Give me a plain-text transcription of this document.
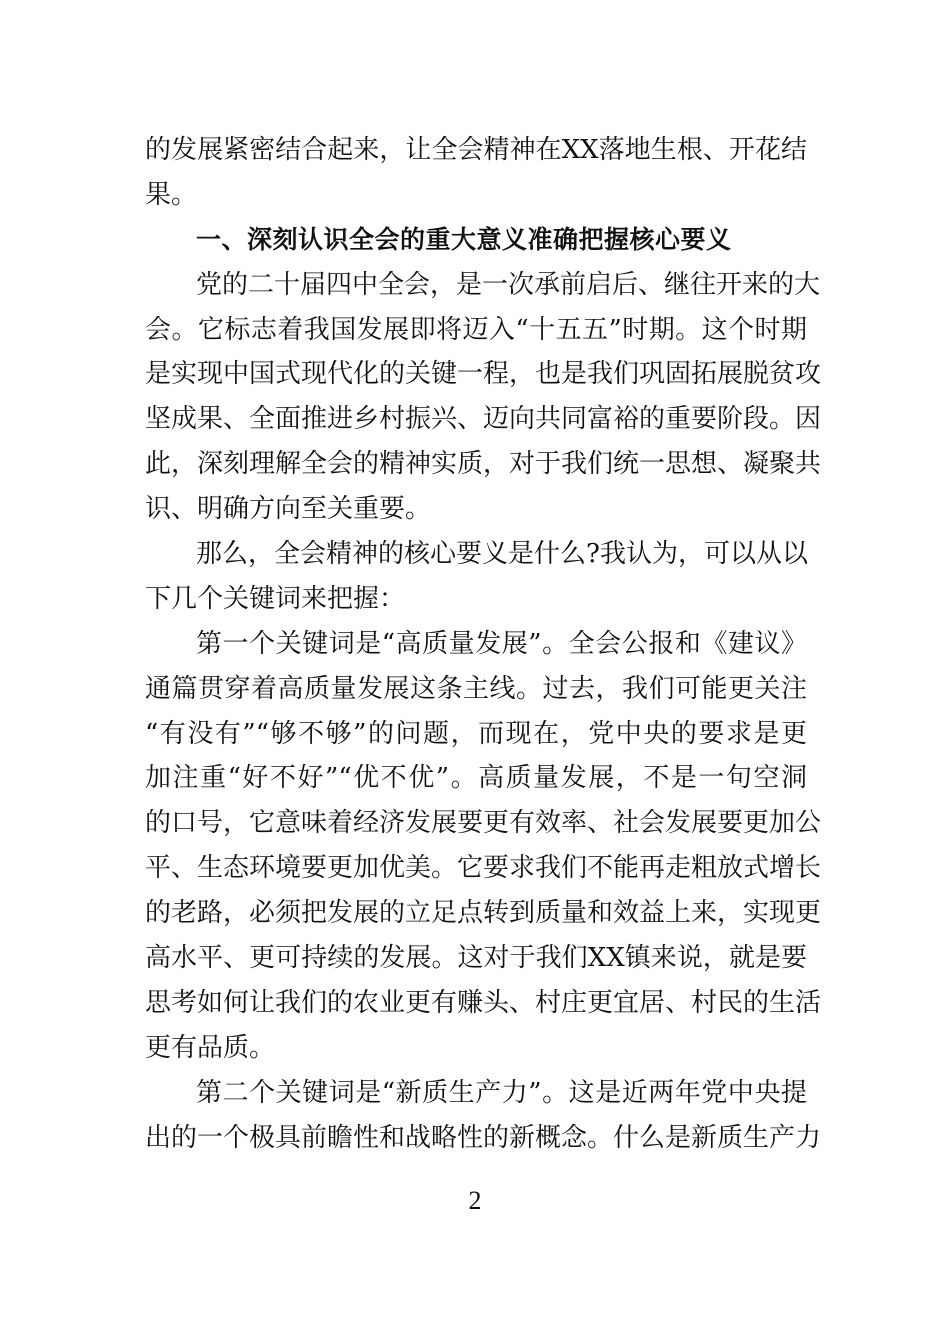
的发展紧密结合起来，让全会精神在XX落地生根、开花结
果。
一、深刻认识全会的重大意义准确把握核心要义
党的二十届四中全会，是一次承前启后、继往开来的大
会。它标志着我国发展即将迈入“十五五”时期。这个时期
是实现中国式现代化的关键一程，也是我们巩固拓展脱贫攻
坚成果、全面推进乡村振兴、迈向共同富裕的重要阶段。因
此，深刻理解全会的精神实质，对于我们统一思想、凝聚共
识、明确方向至关重要。
那么，全会精神的核心要义是什么?我认为，可以从以
下几个关键词来把握：
第一个关键词是“高质量发展”。全会公报和《建议》
通篇贯穿着高质量发展这条主线。过去，我们可能更关注
“有没有”“够不够”的问题，而现在，党中央的要求是更
加注重“好不好”“优不优”。高质量发展，不是一句空洞
的口号，它意味着经济发展要更有效率、社会发展要更加公
平、生态环境要更加优美。它要求我们不能再走粗放式增长
的老路，必须把发展的立足点转到质量和效益上来，实现更
高水平、更可持续的发展。这对于我们XX镇来说，就是要
思考如何让我们的农业更有赚头、村庄更宜居、村民的生活
更有品质。
第二个关键词是“新质生产力”。这是近两年党中央提
出的一个极具前瞻性和战略性的新概念。什么是新质生产力
2
